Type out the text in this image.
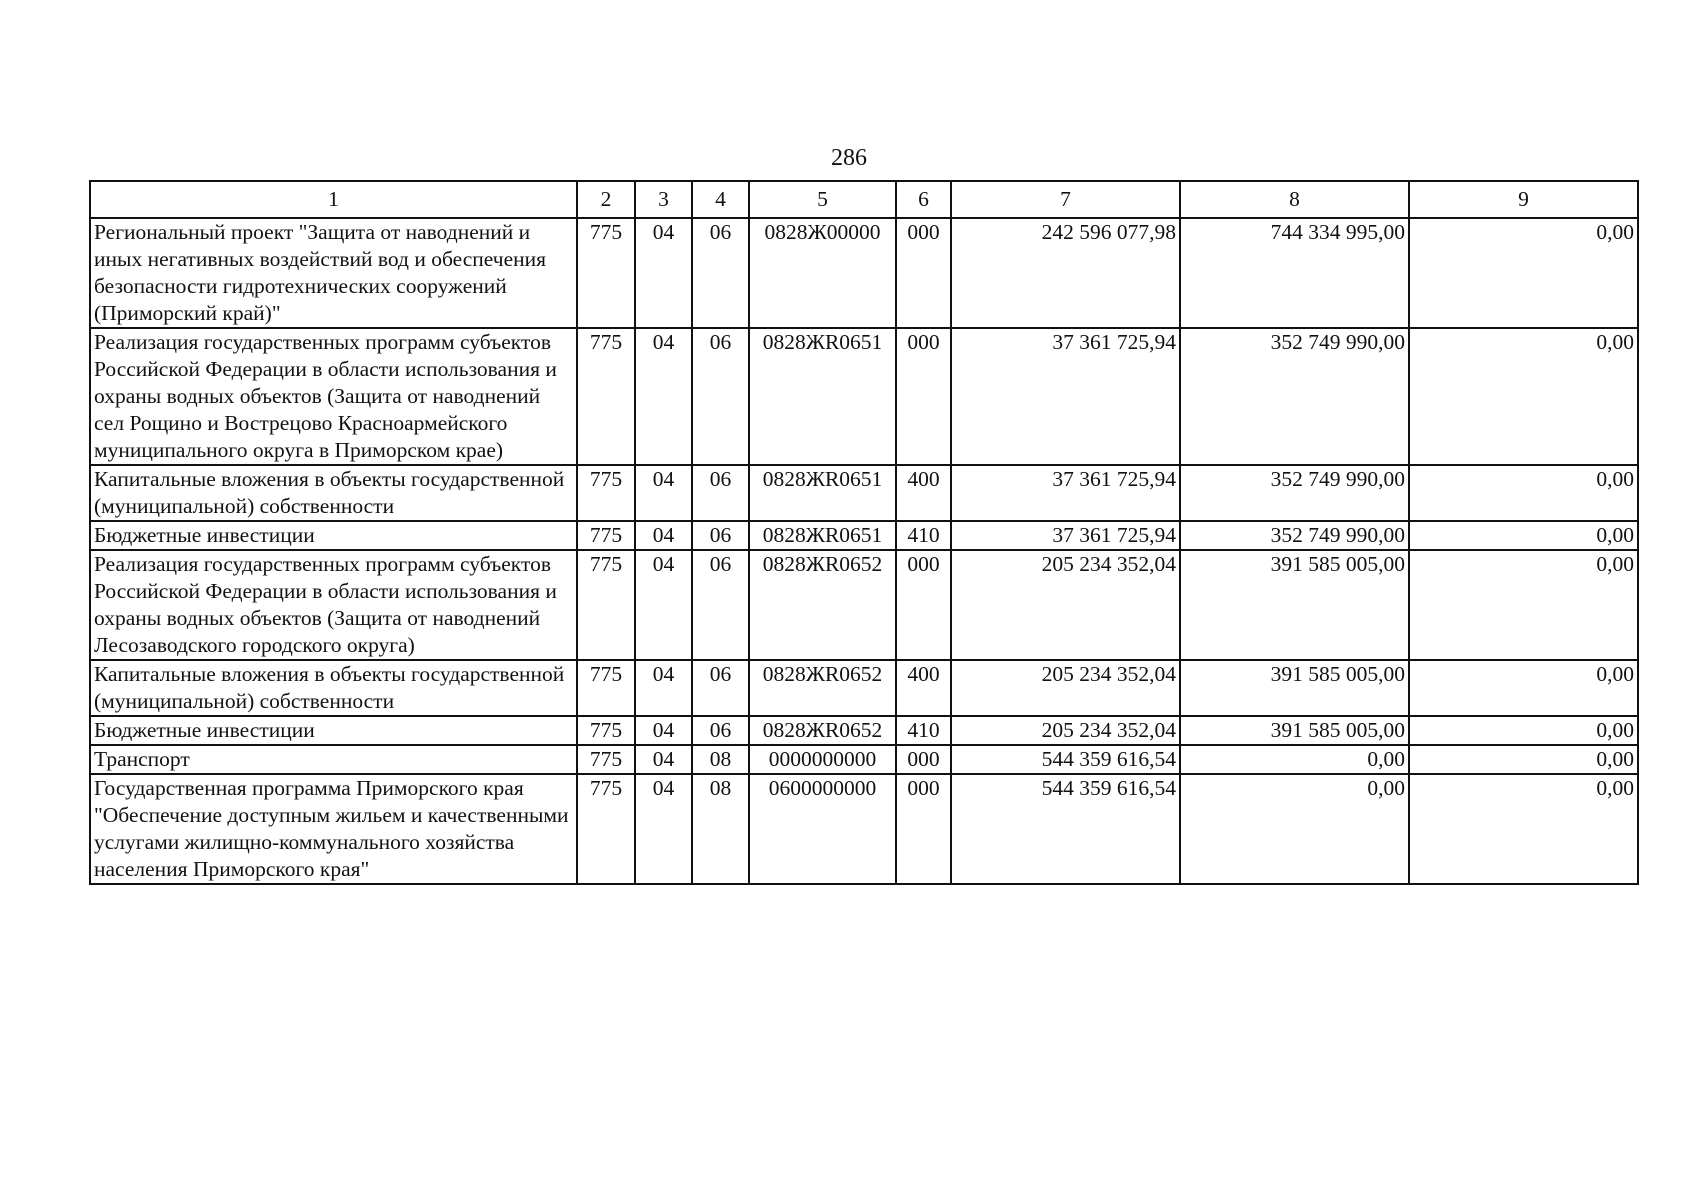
286
1	2	3	4	5	6	7	8	9
Региональный проект "Защита от наводнений и иных негативных воздействий вод и обеспечения безопасности гидротехнических сооружений (Приморский край)"	775	04	06	0828Ж00000	000	242 596 077,98	744 334 995,00	0,00
Реализация государственных программ субъектов Российской Федерации в области использования и охраны водных объектов (Защита от наводнений сел Рощино и Вострецово Красноармейского муниципального округа в Приморском крае)	775	04	06	0828ЖR0651	000	37 361 725,94	352 749 990,00	0,00
Капитальные вложения в объекты государственной (муниципальной) собственности	775	04	06	0828ЖR0651	400	37 361 725,94	352 749 990,00	0,00
Бюджетные инвестиции	775	04	06	0828ЖR0651	410	37 361 725,94	352 749 990,00	0,00
Реализация государственных программ субъектов Российской Федерации в области использования и охраны водных объектов (Защита от наводнений Лесозаводского городского округа)	775	04	06	0828ЖR0652	000	205 234 352,04	391 585 005,00	0,00
Капитальные вложения в объекты государственной (муниципальной) собственности	775	04	06	0828ЖR0652	400	205 234 352,04	391 585 005,00	0,00
Бюджетные инвестиции	775	04	06	0828ЖR0652	410	205 234 352,04	391 585 005,00	0,00
Транспорт	775	04	08	0000000000	000	544 359 616,54	0,00	0,00
Государственная программа Приморского края "Обеспечение доступным жильем и качественными услугами жилищно-коммунального хозяйства населения Приморского края"	775	04	08	0600000000	000	544 359 616,54	0,00	0,00
